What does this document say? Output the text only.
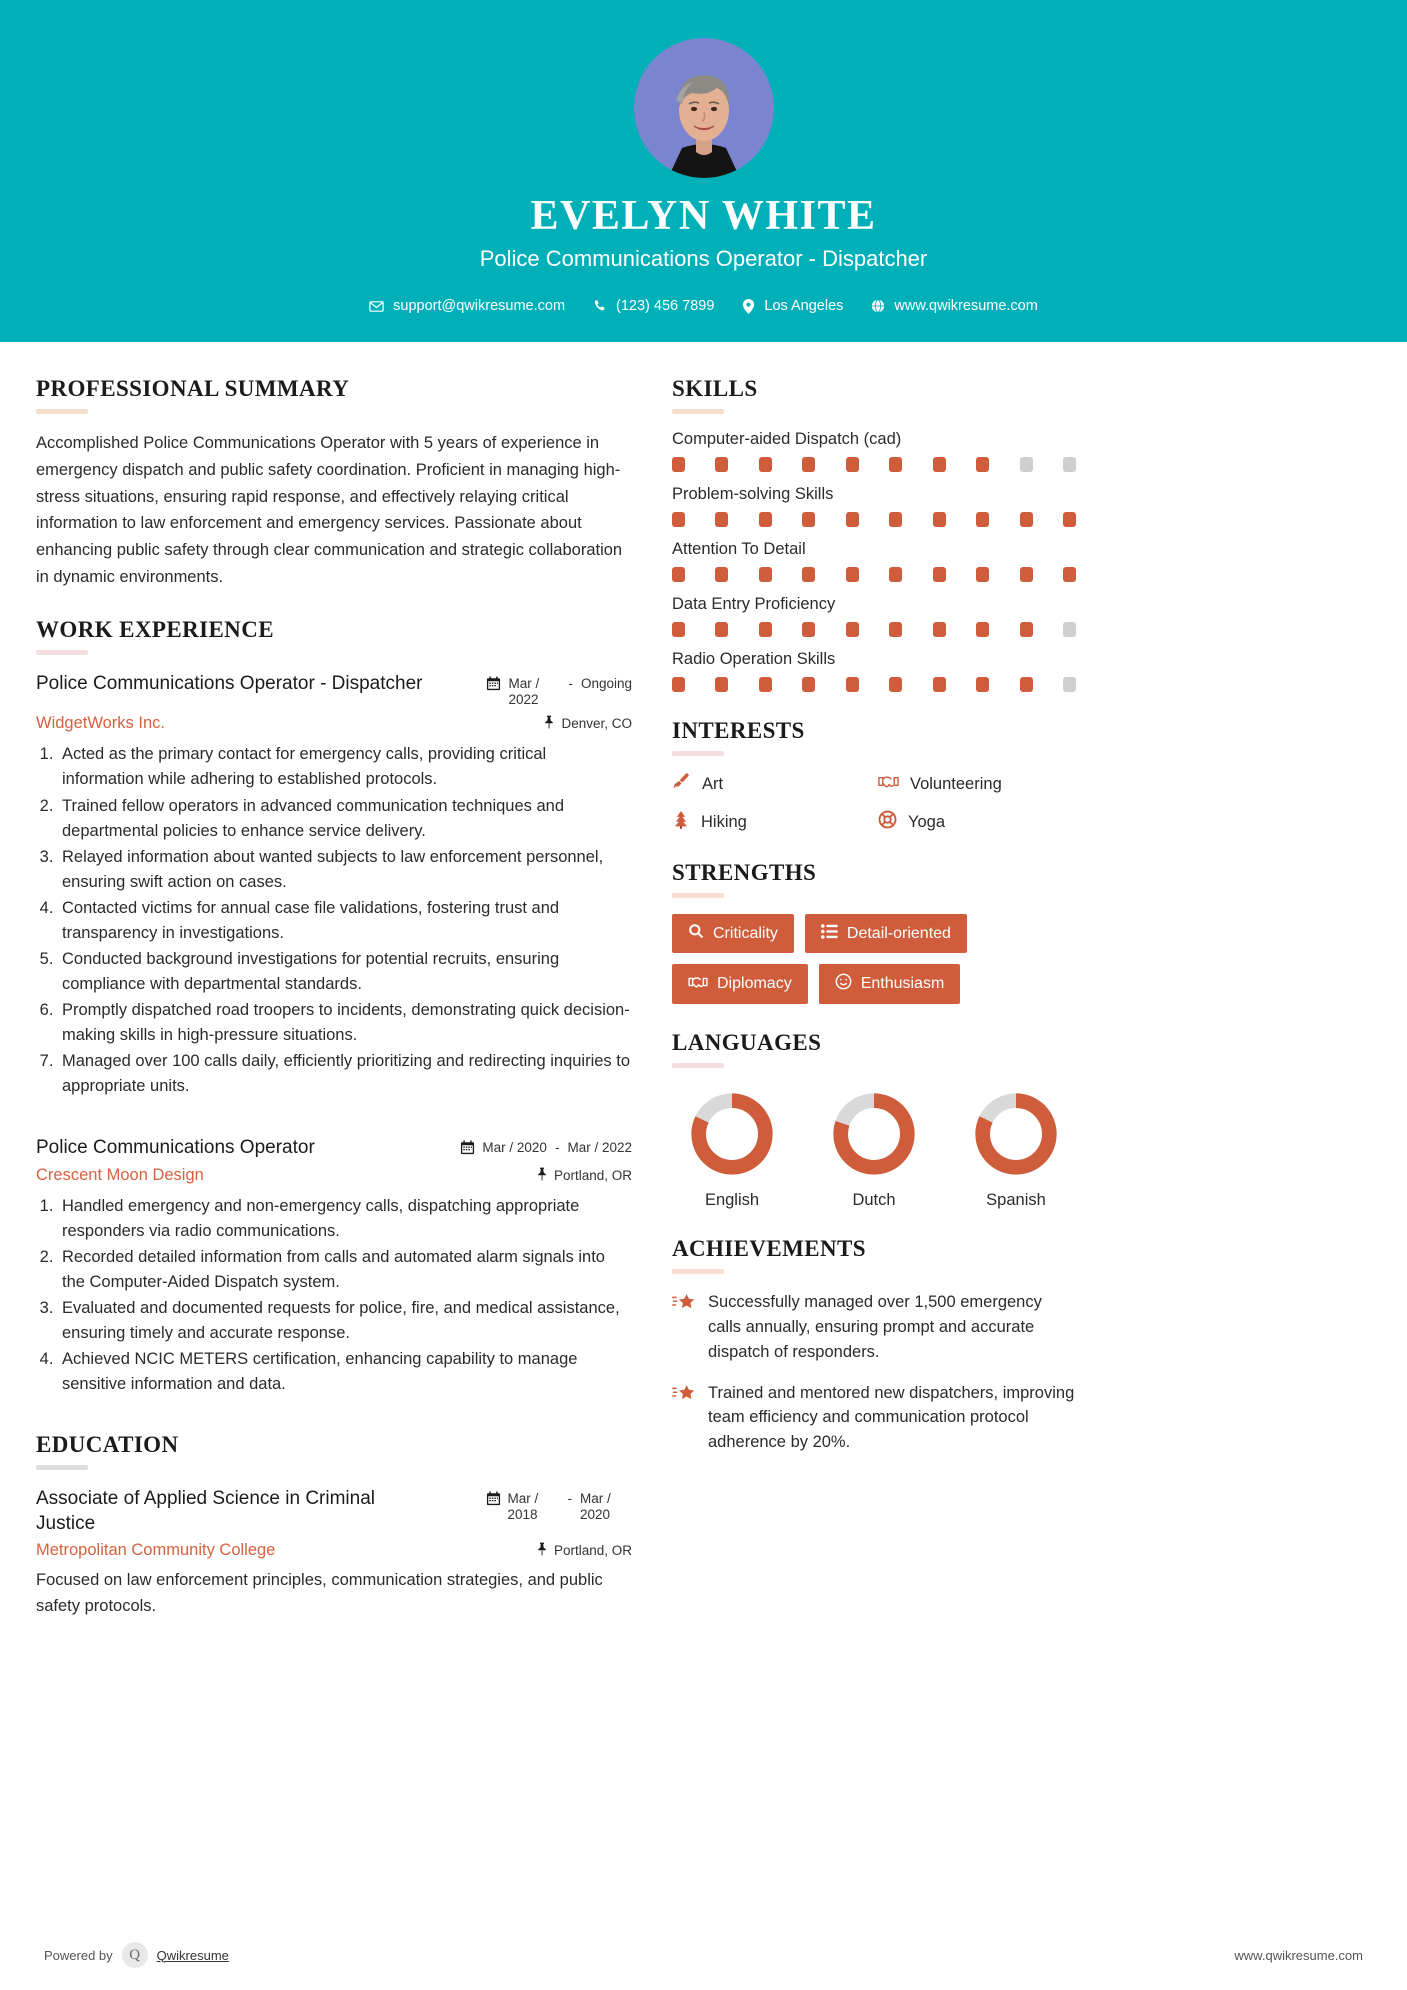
EVELYN WHITE
Police Communications Operator - Dispatcher
support@qwikresume.com	(123) 456 7899	Los Angeles	www.qwikresume.com
PROFESSIONAL SUMMARY
Accomplished Police Communications Operator with 5 years of experience in emergency dispatch and public safety coordination. Proficient in managing high-stress situations, ensuring rapid response, and effectively relaying critical information to law enforcement and emergency services. Passionate about enhancing public safety through clear communication and strategic collaboration in dynamic environments.
WORK EXPERIENCE
Police Communications Operator - Dispatcher	Mar / 2022
- Ongoing
WidgetWorks Inc.	Denver, CO
1. Acted as the primary contact for emergency calls, providing critical information while adhering to established protocols.
2. Trained fellow operators in advanced communication techniques and departmental policies to enhance service delivery.
3. Relayed information about wanted subjects to law enforcement personnel, ensuring swift action on cases.
4. Contacted victims for annual case file validations, fostering trust and transparency in investigations.
5. Conducted background investigations for potential recruits, ensuring compliance with departmental standards.
6. Promptly dispatched road troopers to incidents, demonstrating quick decision-making skills in high-pressure situations.
7. Managed over 100 calls daily, efficiently prioritizing and redirecting inquiries to appropriate units.
Police Communications Operator	Mar / 2020 - Mar / 2022
Crescent Moon Design	Portland, OR
1. Handled emergency and non-emergency calls, dispatching appropriate responders via radio communications.
2. Recorded detailed information from calls and automated alarm signals into the Computer-Aided Dispatch system.
3. Evaluated and documented requests for police, fire, and medical assistance, ensuring timely and accurate response.
4. Achieved NCIC METERS certification, enhancing capability to manage sensitive information and data.
EDUCATION
Associate of Applied Science in Criminal Justice
Mar / 2018
- Mar / 2020
Metropolitan Community College	Portland, OR
Focused on law enforcement principles, communication strategies, and public safety protocols.
SKILLS
Computer-aided Dispatch (cad)
Problem-solving Skills
Attention To Detail
Data Entry Proficiency
Radio Operation Skills
INTERESTS
Art	Volunteering
Hiking	Yoga
STRENGTHS
Criticality	Detail-oriented
Diplomacy	Enthusiasm
LANGUAGES
English	Dutch	Spanish
ACHIEVEMENTS
Successfully managed over 1,500 emergency calls annually, ensuring prompt and accurate dispatch of responders.
Trained and mentored new dispatchers, improving team efficiency and communication protocol adherence by 20%.
Powered by	Q	Qwikresume	www.qwikresume.com
